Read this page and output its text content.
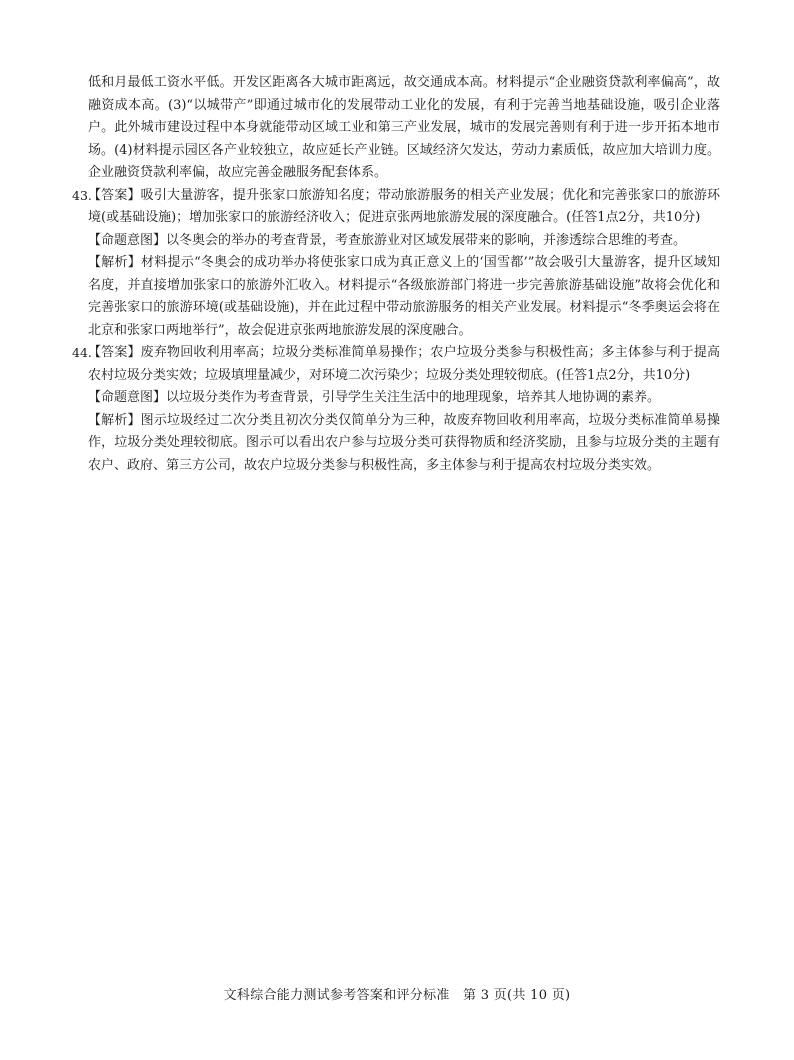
低和月最低工资水平低。开发区距离各大城市距离远，故交通成本高。材料提示“企业融资贷款利率偏高”，故融资成本高。(3)“以城带产”即通过城市化的发展带动工业化的发展，有利于完善当地基础设施，吸引企业落户。此外城市建设过程中本身就能带动区域工业和第三产业发展，城市的发展完善则有利于进一步开拓本地市场。(4)材料提示园区各产业较独立，故应延长产业链。区域经济欠发达，劳动力素质低，故应加大培训力度。企业融资贷款利率偏，故应完善金融服务配套体系。

43.

【答案】吸引大量游客，提升张家口旅游知名度；带动旅游服务的相关产业发展；优化和完善张家口的旅游环境(或基础设施)；增加张家口的旅游经济收入；促进京张两地旅游发展的深度融合。(任答1点2分，共10分)

【命题意图】以冬奥会的举办的考查背景，考查旅游业对区域发展带来的影响，并渗透综合思维的考查。

【解析】材料提示“冬奥会的成功举办将使张家口成为真正意义上的‘国雪都’”故会吸引大量游客，提升区域知名度，并直接增加张家口的旅游外汇收入。材料提示“各级旅游部门将进一步完善旅游基础设施”故将会优化和完善张家口的旅游环境(或基础设施)，并在此过程中带动旅游服务的相关产业发展。材料提示“冬季奥运会将在北京和张家口两地举行”，故会促进京张两地旅游发展的深度融合。

44.

【答案】废弃物回收利用率高；垃圾分类标准简单易操作；农户垃圾分类参与积极性高；多主体参与利于提高农村垃圾分类实效；垃圾填埋量减少，对环境二次污染少；垃圾分类处理较彻底。(任答1点2分，共10分)

【命题意图】以垃圾分类作为考查背景，引导学生关注生活中的地理现象，培养其人地协调的素养。

【解析】图示垃圾经过二次分类且初次分类仅简单分为三种，故废弃物回收利用率高，垃圾分类标准简单易操作，垃圾分类处理较彻底。图示可以看出农户参与垃圾分类可获得物质和经济奖励，且参与垃圾分类的主题有农户、政府、第三方公司，故农户垃圾分类参与积极性高，多主体参与利于提高农村垃圾分类实效。

文科综合能力测试参考答案和评分标准　第 3 页(共 10 页)
